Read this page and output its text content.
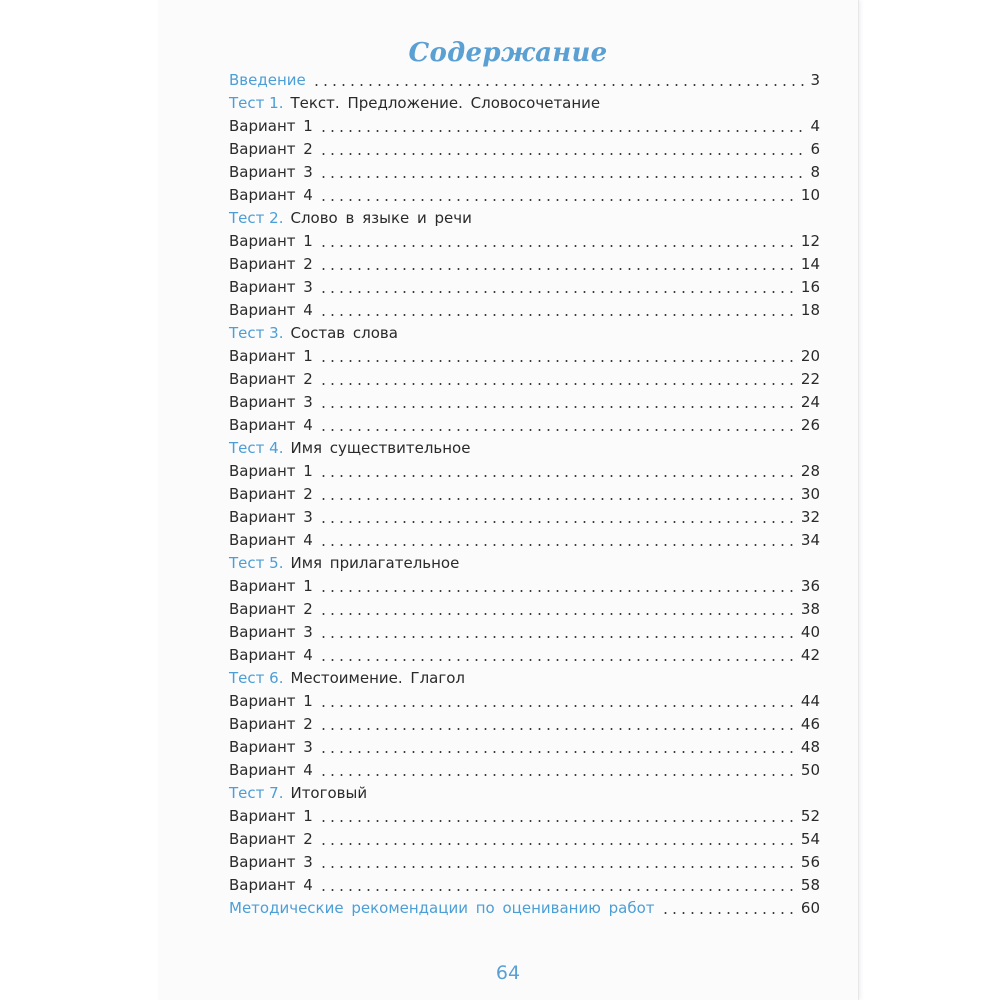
Содержание
Введение	3
Тест 1. Текст. Предложение. Словосочетание
Вариант 1	4
Вариант 2	6
Вариант 3	8
Вариант 4	10
Тест 2. Слово в языке и речи
Вариант 1	12
Вариант 2	14
Вариант 3	16
Вариант 4	18
Тест 3. Состав слова
Вариант 1	20
Вариант 2	22
Вариант 3	24
Вариант 4	26
Тест 4. Имя существительное
Вариант 1	28
Вариант 2	30
Вариант 3	32
Вариант 4	34
Тест 5. Имя прилагательное
Вариант 1	36
Вариант 2	38
Вариант 3	40
Вариант 4	42
Тест 6. Местоимение. Глагол
Вариант 1	44
Вариант 2	46
Вариант 3	48
Вариант 4	50
Тест 7. Итоговый
Вариант 1	52
Вариант 2	54
Вариант 3	56
Вариант 4	58
Методические рекомендации по оцениванию работ	60

64
